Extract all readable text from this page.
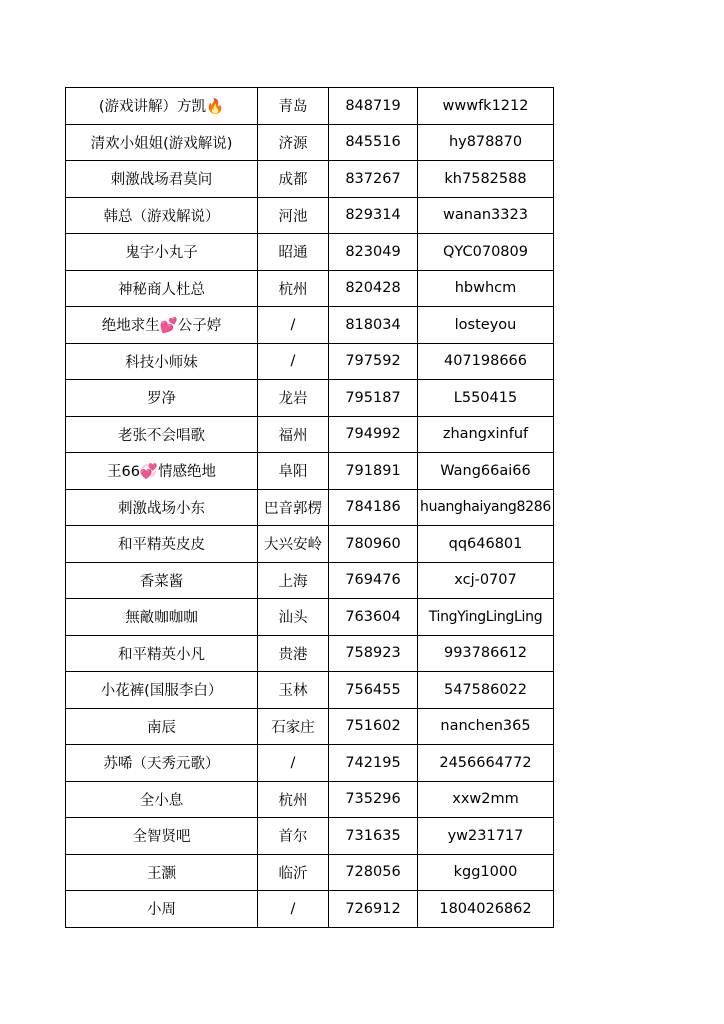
(游戏讲解）方凯🔥	青岛	848719	wwwfk1212
清欢小姐姐(游戏解说)	济源	845516	hy878870
刺激战场君莫问	成都	837267	kh7582588
韩总（游戏解说）	河池	829314	wanan3323
鬼宇小丸子	昭通	823049	QYC070809
神秘商人杜总	杭州	820428	hbwhcm
绝地求生💕公子婷	/	818034	losteyou
科技小师妹	/	797592	407198666
罗净	龙岩	795187	L550415
老张不会唱歌	福州	794992	zhangxinfuf
王66💞情感绝地	阜阳	791891	Wang66ai66
刺激战场小东	巴音郭楞	784186	huanghaiyang8286
和平精英皮皮	大兴安岭	780960	qq646801
香菜酱	上海	769476	xcj-0707
無敵咖咖咖	汕头	763604	TingYingLingLing
和平精英小凡	贵港	758923	993786612
小花裤(国服李白）	玉林	756455	547586022
南辰	石家庄	751602	nanchen365
苏唏（天秀元歌）	/	742195	2456664772
全小息	杭州	735296	xxw2mm
全智贤吧	首尔	731635	yw231717
王灏	临沂	728056	kgg1000
小周	/	726912	1804026862
